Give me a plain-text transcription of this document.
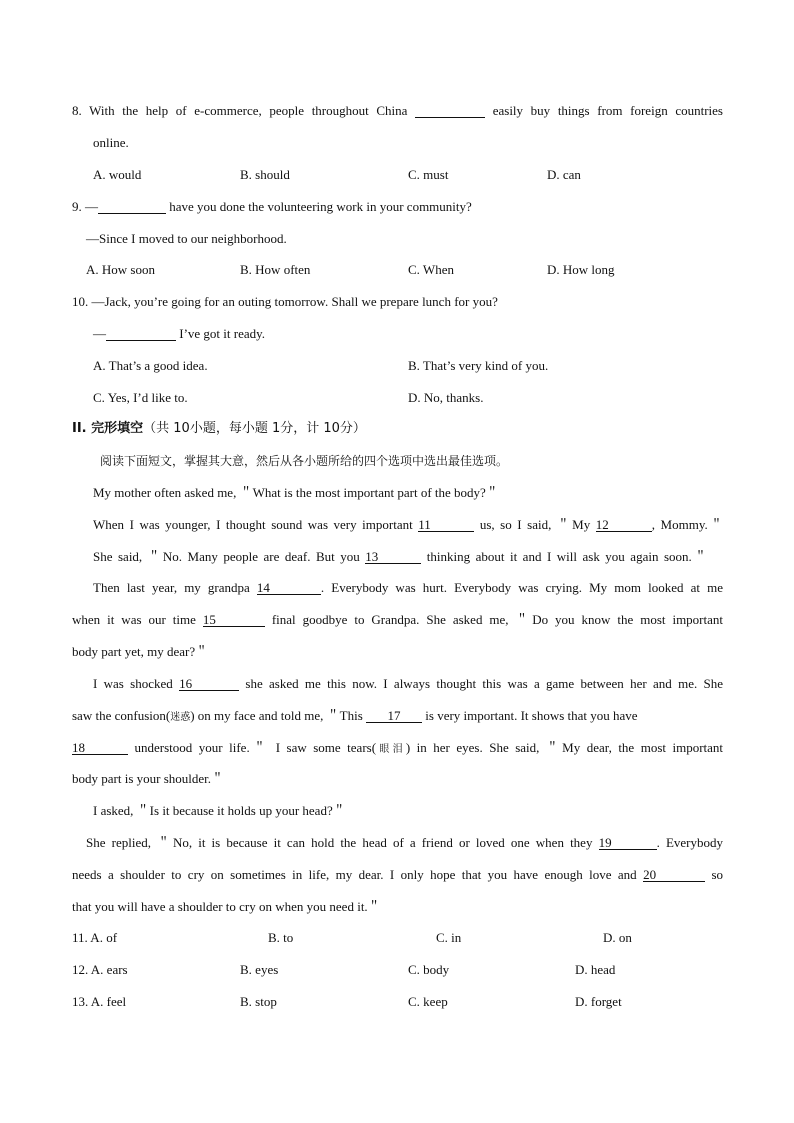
8. With the help of e-commerce, people throughout China	easily buy things from foreign countries
online.
A. would	B. should	C. must	D. can
9. —	have you done the volunteering work in your community?
—Since I moved to our neighborhood.
A. How soon	B. How often	C. When	D. How long
10. —Jack, you’re going for an outing tomorrow. Shall we prepare lunch for you?
—	I’ve got it ready.
A. That’s a good idea.	B. That’s very kind of you.
C. Yes, I’d like to.	D. No, thanks.
II. 完形填空（共 10小题，每小题 1分，计 10分）
阅读下面短文，掌握其大意，然后从各小题所给的四个选项中选出最佳选项。
My mother often asked me, ＂What is the most important part of the body?＂
When I was younger, I thought sound was very important 11	us, so I said, ＂My 12	, Mommy.＂
She said, ＂No. Many people are deaf. But you 13	thinking about it and I will ask you again soon.＂
Then last year, my grandpa 14	. Everybody was hurt. Everybody was crying. My mom looked at me
when it was our time 15	final goodbye to Grandpa. She asked me, ＂Do you know the most important
body part yet, my dear?＂
I was shocked 16	she asked me this now. I always thought this was a game between her and me. She
saw the confusion(迷惑) on my face and told me, ＂This 17 is very important. It shows that you have
18	understood your life.＂ I saw some tears(眼泪) in her eyes. She said, ＂My dear, the most important
body part is your shoulder.＂
I asked, ＂Is it because it holds up your head?＂
She replied, ＂No, it is because it can hold the head of a friend or loved one when they 19	. Everybody
needs a shoulder to cry on sometimes in life, my dear. I only hope that you have enough love and 20	so
that you will have a shoulder to cry on when you need it.＂
11. A. of	B. to	C. in	D. on
12. A. ears	B. eyes	C. body	D. head
13. A. feel	B. stop	C. keep	D. forget
